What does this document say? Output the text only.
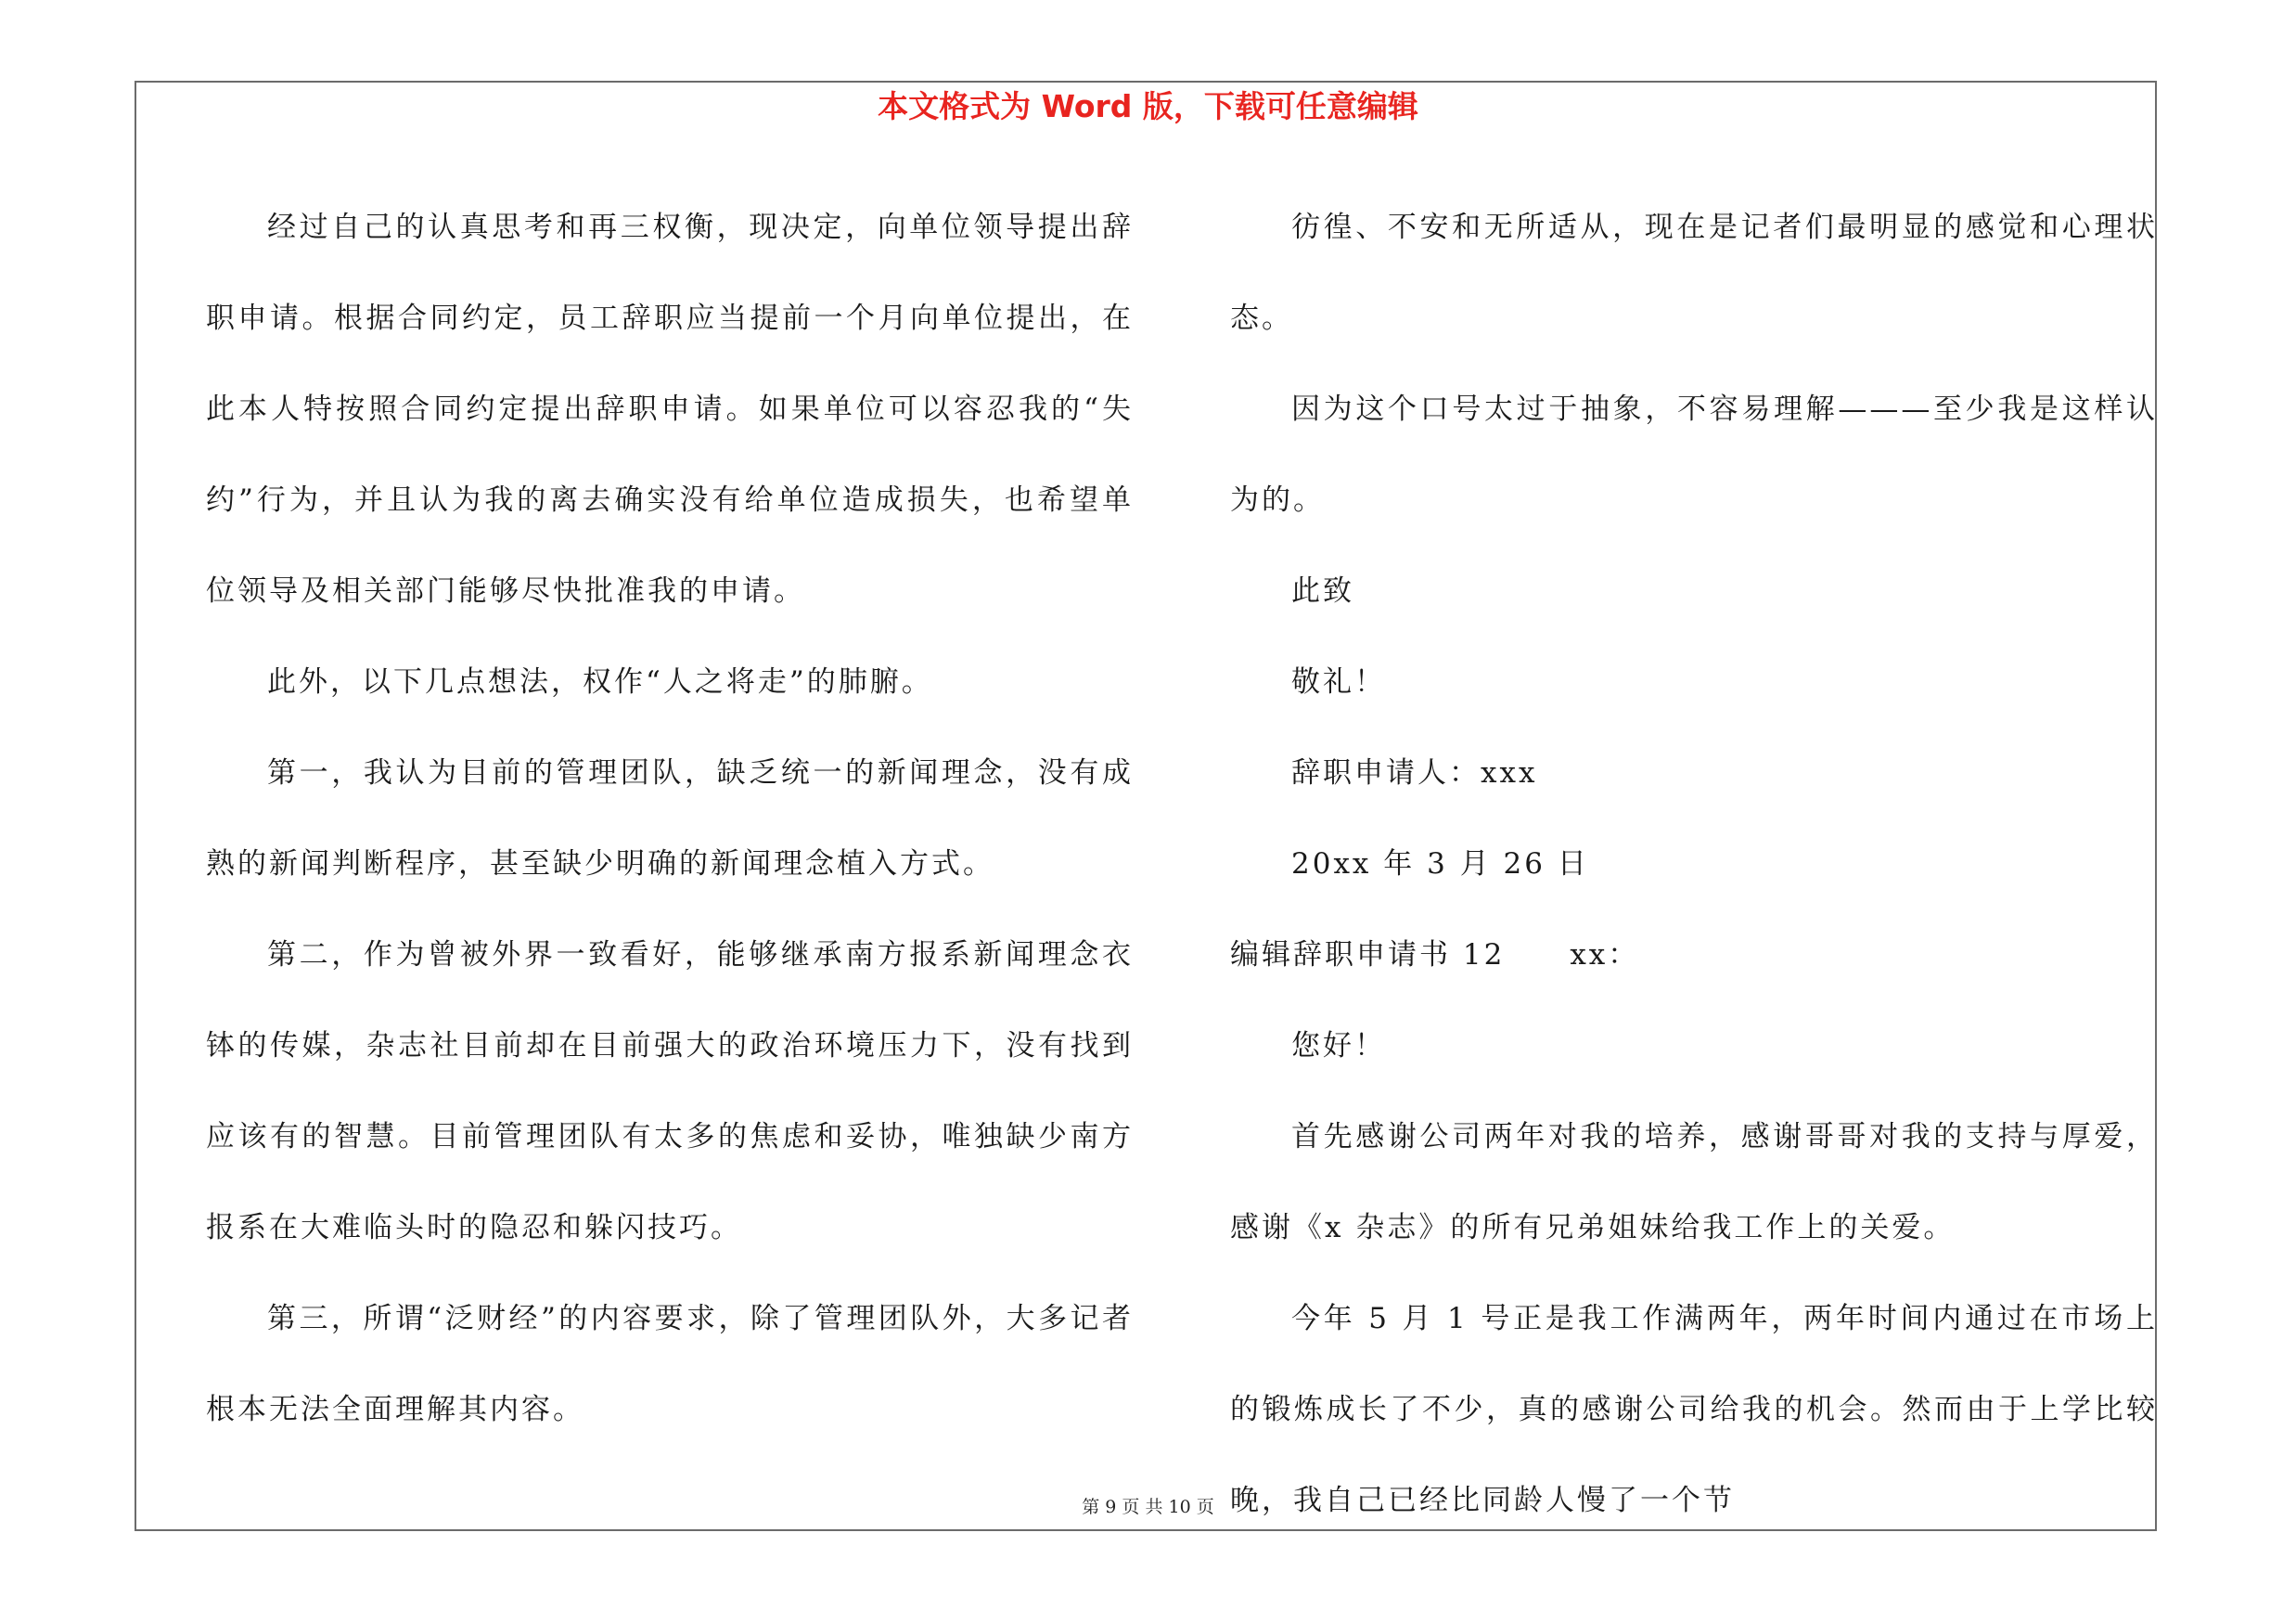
本文格式为 Word 版，下载可任意编辑

经过自己的认真思考和再三权衡，现决定，向单位领导提出辞职申请。根据合同约定，员工辞职应当提前一个月向单位提出，在此本人特按照合同约定提出辞职申请。如果单位可以容忍我的“失约”行为，并且认为我的离去确实没有给单位造成损失，也希望单位领导及相关部门能够尽快批准我的申请。

此外，以下几点想法，权作“人之将走”的肺腑。

第一，我认为目前的管理团队，缺乏统一的新闻理念，没有成熟的新闻判断程序，甚至缺少明确的新闻理念植入方式。

第二，作为曾被外界一致看好，能够继承南方报系新闻理念衣钵的传媒，杂志社目前却在目前强大的政治环境压力下，没有找到应该有的智慧。目前管理团队有太多的焦虑和妥协，唯独缺少南方报系在大难临头时的隐忍和躲闪技巧。

第三，所谓“泛财经”的内容要求，除了管理团队外，大多记者根本无法全面理解其内容。

彷徨、不安和无所适从，现在是记者们最明显的感觉和心理状态。

因为这个口号太过于抽象，不容易理解———至少我是这样认为的。

此致

敬礼！

辞职申请人：xxx

20xx 年 3 月 26 日

编辑辞职申请书 12 xx：

您好！

首先感谢公司两年对我的培养，感谢哥哥对我的支持与厚爱，感谢《x 杂志》的所有兄弟姐妹给我工作上的关爱。

今年 5 月 1 号正是我工作满两年，两年时间内通过在市场上的锻炼成长了不少，真的感谢公司给我的机会。然而由于上学比较晚，我自己已经比同龄人慢了一个节

第 9 页 共 10 页
